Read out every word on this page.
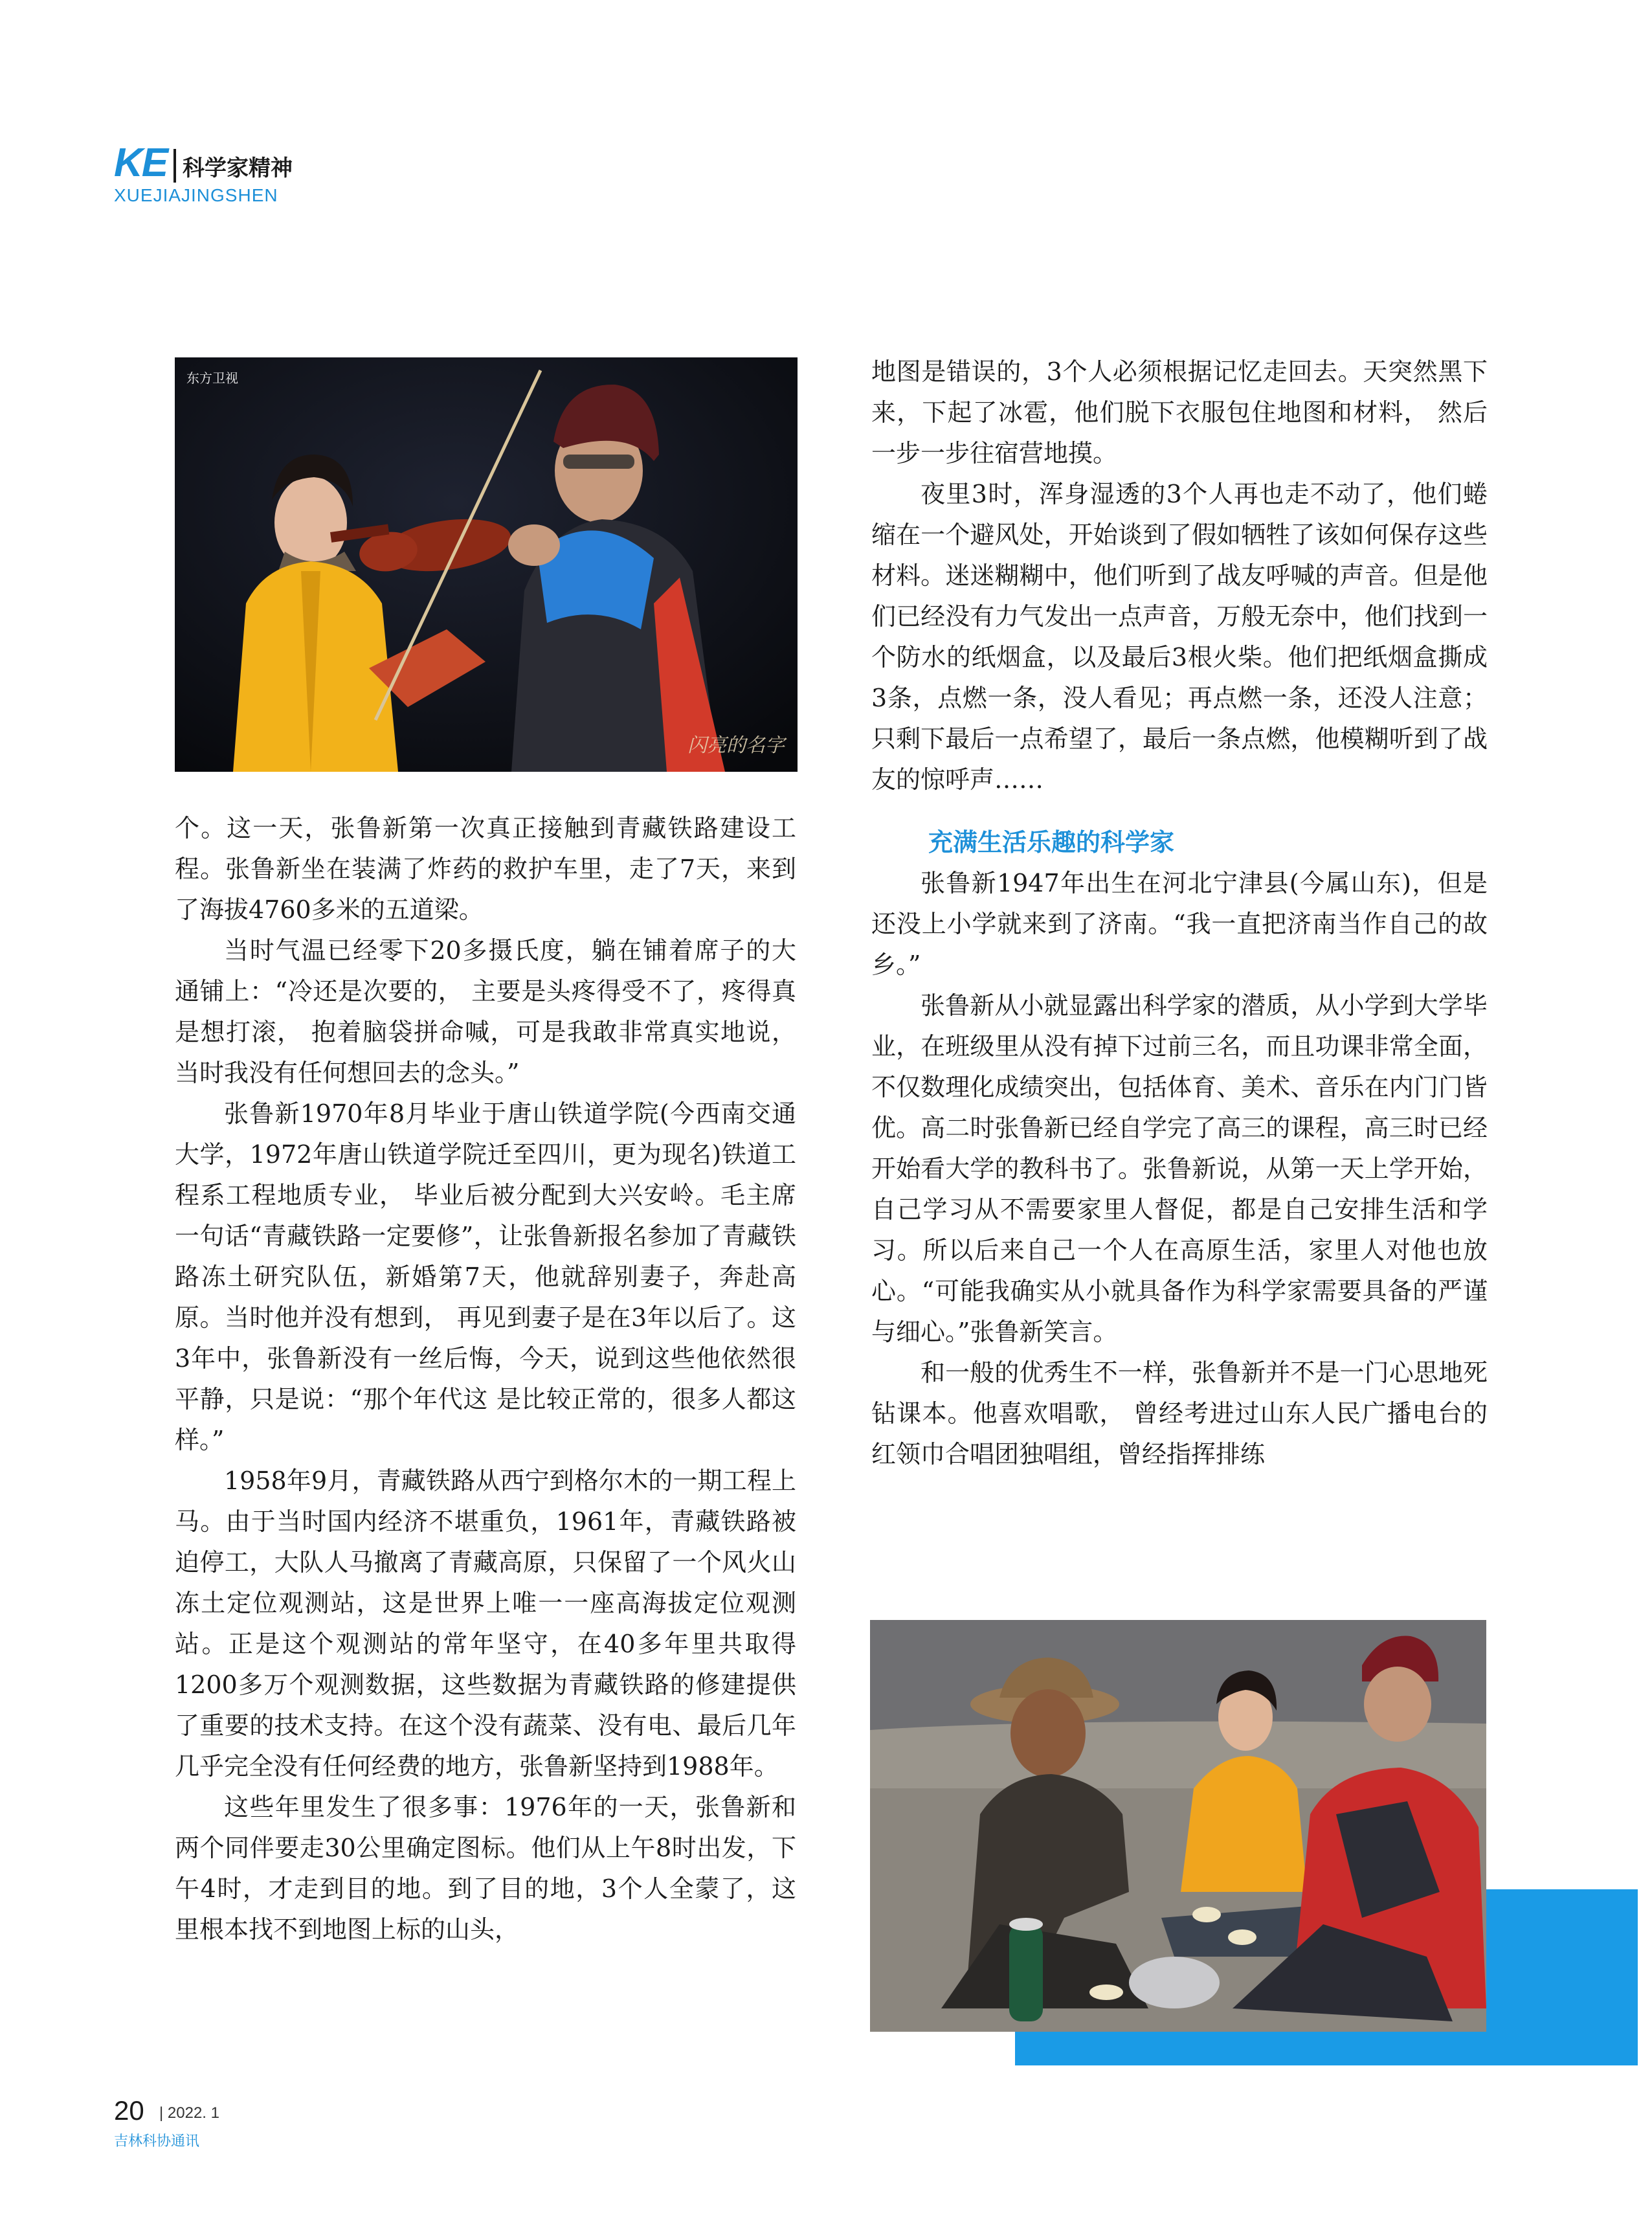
KE 科学家精神
XUEJIAJINGSHEN
东方卫视
闪亮的名字

个。这一天，张鲁新第一次真正接触到青藏铁路建设工程。张鲁新坐在装满了炸药的救护车里，走了7天，来到了海拔4760多米的五道梁。

当时气温已经零下20多摄氏度，躺在铺着席子的大通铺上：“冷还是次要的， 主要是头疼得受不了，疼得真是想打滚， 抱着脑袋拼命喊，可是我敢非常真实地说，当时我没有任何想回去的念头。”

张鲁新1970年8月毕业于唐山铁道学院(今西南交通大学，1972年唐山铁道学院迁至四川，更为现名)铁道工程系工程地质专业， 毕业后被分配到大兴安岭。毛主席一句话“青藏铁路一定要修”，让张鲁新报名参加了青藏铁路冻土研究队伍，新婚第7天，他就辞别妻子，奔赴高原。当时他并没有想到， 再见到妻子是在3年以后了。这3年中，张鲁新没有一丝后悔，今天，说到这些他依然很平静，只是说：“那个年代这 是比较正常的，很多人都这样。”

1958年9月，青藏铁路从西宁到格尔木的一期工程上马。由于当时国内经济不堪重负，1961年，青藏铁路被迫停工，大队人马撤离了青藏高原，只保留了一个风火山冻土定位观测站，这是世界上唯一一座高海拔定位观测站。正是这个观测站的常年坚守，在40多年里共取得1200多万个观测数据，这些数据为青藏铁路的修建提供了重要的技术支持。在这个没有蔬菜、没有电、最后几年几乎完全没有任何经费的地方，张鲁新坚持到1988年。

这些年里发生了很多事：1976年的一天，张鲁新和两个同伴要走30公里确定图标。他们从上午8时出发，下午4时，才走到目的地。到了目的地，3个人全蒙了，这里根本找不到地图上标的山头，

地图是错误的，3个人必须根据记忆走回去。天突然黑下来，下起了冰雹，他们脱下衣服包住地图和材料， 然后一步一步往宿营地摸。

夜里3时，浑身湿透的3个人再也走不动了，他们蜷缩在一个避风处，开始谈到了假如牺牲了该如何保存这些材料。迷迷糊糊中，他们听到了战友呼喊的声音。但是他们已经没有力气发出一点声音，万般无奈中，他们找到一个防水的纸烟盒，以及最后3根火柴。他们把纸烟盒撕成3条，点燃一条，没人看见；再点燃一条，还没人注意；只剩下最后一点希望了，最后一条点燃，他模糊听到了战友的惊呼声……

充满生活乐趣的科学家

张鲁新1947年出生在河北宁津县(今属山东)，但是还没上小学就来到了济南。“我一直把济南当作自己的故乡。”

张鲁新从小就显露出科学家的潜质，从小学到大学毕业，在班级里从没有掉下过前三名，而且功课非常全面， 不仅数理化成绩突出，包括体育、美术、音乐在内门门皆优。高二时张鲁新已经自学完了高三的课程，高三时已经开始看大学的教科书了。张鲁新说，从第一天上学开始，自己学习从不需要家里人督促，都是自己安排生活和学习。所以后来自己一个人在高原生活，家里人对他也放心。“可能我确实从小就具备作为科学家需要具备的严谨与细心。”张鲁新笑言。

和一般的优秀生不一样，张鲁新并不是一门心思地死钻课本。他喜欢唱歌， 曾经考进过山东人民广播电台的红领巾合唱团独唱组，曾经指挥排练

20 | 2022. 1
吉林科协通讯
